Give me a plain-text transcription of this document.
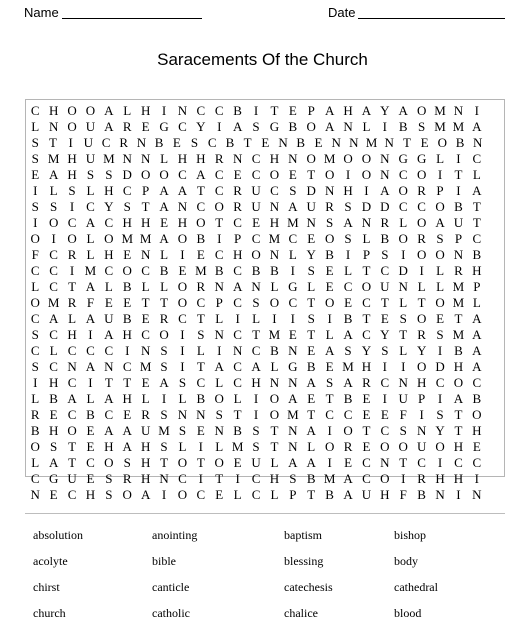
Name	Date
Saracements Of the Church
C H O O A L H I N C C B I T E P A H A Y A O M N I
L N O U A R E G C Y I A S G B O A N L I B S M M A
S T I U C R N B E S C B T E N B E N N M N T E O B N
S M H U M N N L H H R N C H N O M O O N G G L I C
E A H S S D O O C A C E C O E T O I O N C O I T L
I L S L H C P A A T C R U C S D N H I A O R P I A
S S I C Y S T A N C O R U N A U R S D D C C O B T
I O C A C H H E H O T C E H M N S A N R L O A U T
O I O L O M M A O B I P C M C E O S L B O R S P C
F C R L H E N L I E C H O N L Y B I P S I O O N B
C C I M C O C B E M B C B B I S E L T C D I L R H
L C T A L B L L O R N A N L G L E C O U N L L M P
O M R F E E T T O C P C S O C T O E C T L T O M L
C A L A U B E R C T L I L I	I S I B T E S O E T A
S C H I A H C O I S N C T M E T L A C Y T R S M A
C L C C C I N S I L I N C B N E A S Y S L Y I B A
S C N A N C M S I T A C A L G B E M H I	I O D H A
I H C I T T E A S C L C H N N A S A R C N H C O C
L B A L A H L I L B O L I O A E T B E I U P I A B
R E C B C E R S N N S T I O M T C C E E F I S T O
B H O E A A U M S E N B S T N A I O T C S N Y T H
O S T E H A H S L I L M S T N L O R E O O U O H E
L A T C O S H T O T O E U L A A I E C N T C I C C
C G U E S R H N C I T I C H S B M A C O I R H H I
N E C H S O A I O C E L C L P T B A U H F B N I N
absolution	anointing	baptism	bishop
acolyte	bible	blessing	body
chirst	canticle	catechesis	cathedral
church	catholic	chalice	blood
